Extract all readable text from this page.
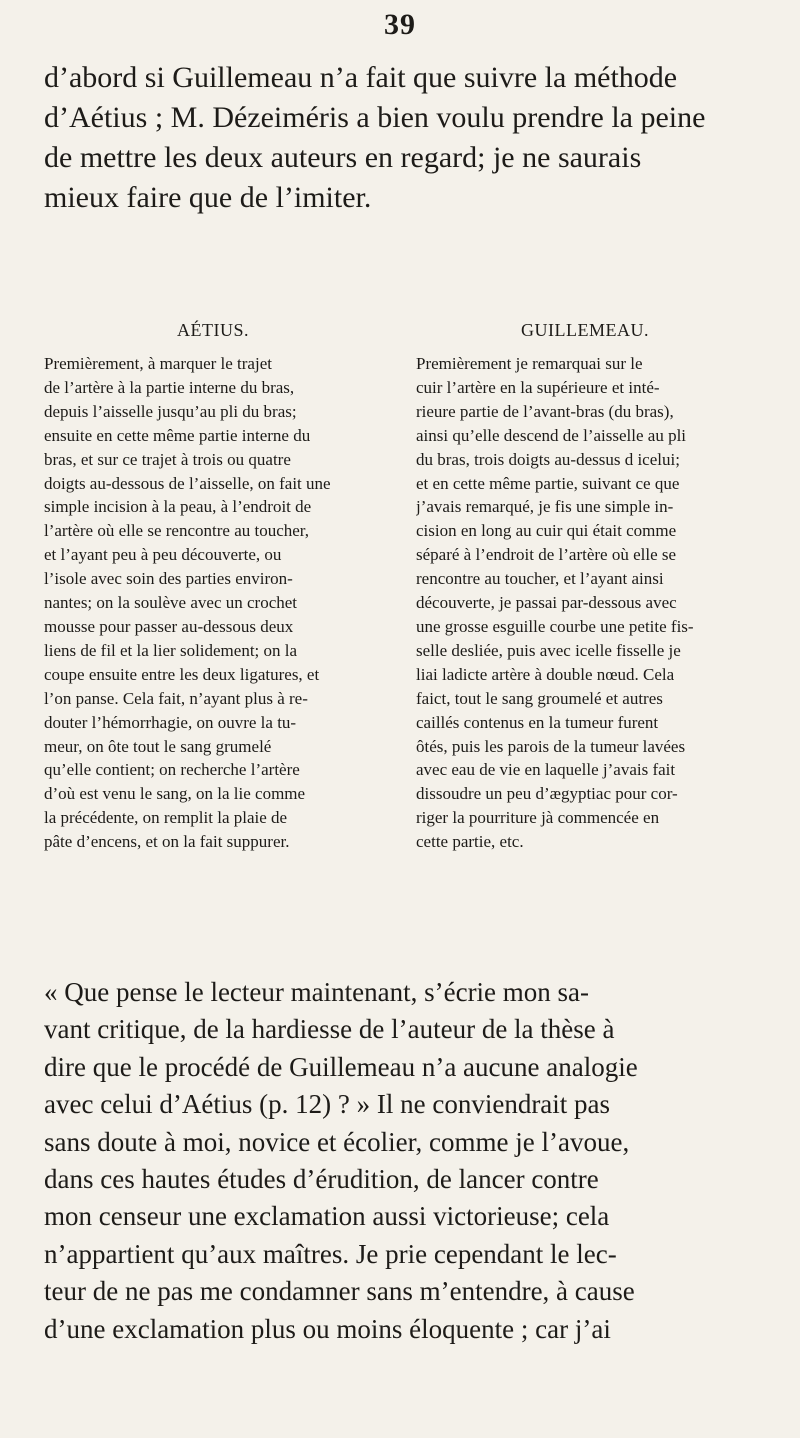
39
d’abord si Guillemeau n’a fait que suivre la méthode
d’Aétius ; M. Dézeiméris a bien voulu prendre la peine
de mettre les deux auteurs en regard; je ne saurais
mieux faire que de l’imiter.
AÉTIUS.
Premièrement, à marquer le trajet
de l’artère à la partie interne du bras,
depuis l’aisselle jusqu’au pli du bras;
ensuite en cette même partie interne du
bras, et sur ce trajet à trois ou quatre
doigts au-dessous de l’aisselle, on fait une
simple incision à la peau, à l’endroit de
l’artère où elle se rencontre au toucher,
et l’ayant peu à peu découverte, ou
l’isole avec soin des parties environ-
nantes; on la soulève avec un crochet
mousse pour passer au-dessous deux
liens de fil et la lier solidement; on la
coupe ensuite entre les deux ligatures, et
l’on panse. Cela fait, n’ayant plus à re-
douter l’hémorrhagie, on ouvre la tu-
meur, on ôte tout le sang grumelé
qu’elle contient; on recherche l’artère
d’où est venu le sang, on la lie comme
la précédente, on remplit la plaie de
pâte d’encens, et on la fait suppurer.
GUILLEMEAU.
Premièrement je remarquai sur le
cuir l’artère en la supérieure et inté-
rieure partie de l’avant-bras (du bras),
ainsi qu’elle descend de l’aisselle au pli
du bras, trois doigts au-dessus d icelui;
et en cette même partie, suivant ce que
j’avais remarqué, je fis une simple in-
cision en long au cuir qui était comme
séparé à l’endroit de l’artère où elle se
rencontre au toucher, et l’ayant ainsi
découverte, je passai par-dessous avec
une grosse esguille courbe une petite fis-
selle desliée, puis avec icelle fisselle je
liai ladicte artère à double nœud. Cela
faict, tout le sang groumelé et autres
caillés contenus en la tumeur furent
ôtés, puis les parois de la tumeur lavées
avec eau de vie en laquelle j’avais fait
dissoudre un peu d’ægyptiac pour cor-
riger la pourriture jà commencée en
cette partie, etc.
« Que pense le lecteur maintenant, s’écrie mon sa-
vant critique, de la hardiesse de l’auteur de la thèse à
dire que le procédé de Guillemeau n’a aucune analogie
avec celui d’Aétius (p. 12) ? » Il ne conviendrait pas
sans doute à moi, novice et écolier, comme je l’avoue,
dans ces hautes études d’érudition, de lancer contre
mon censeur une exclamation aussi victorieuse; cela
n’appartient qu’aux maîtres. Je prie cependant le lec-
teur de ne pas me condamner sans m’entendre, à cause
d’une exclamation plus ou moins éloquente ; car j’ai
